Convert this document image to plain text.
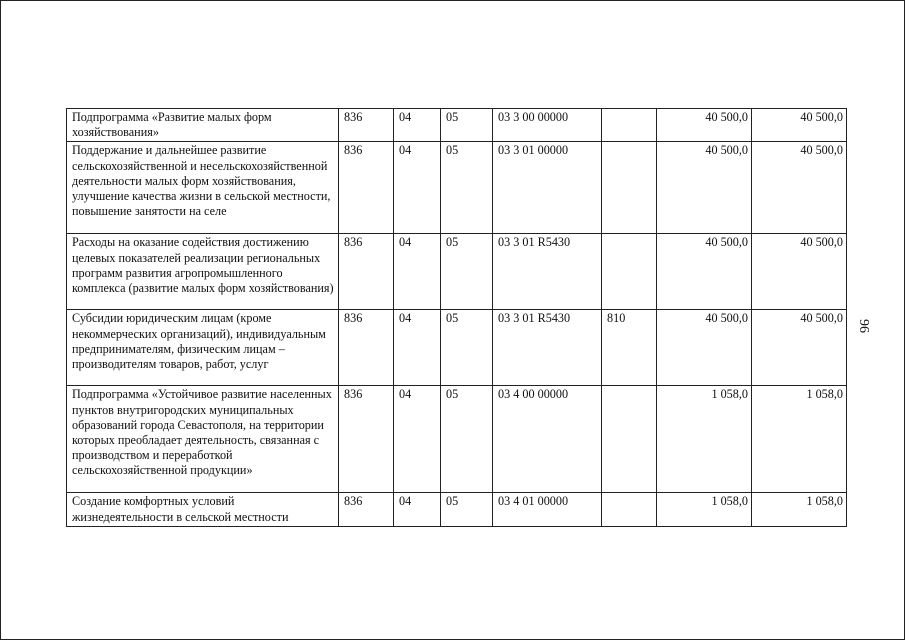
96
Подпрограмма «Развитие малых форм хозяйствования»	836	04	05	03 3 00 00000		40 500,0	40 500,0
Поддержание и дальнейшее развитие сельскохозяйственной и несельскохозяйственной деятельности малых форм хозяйствования, улучшение качества жизни в сельской местности, повышение занятости на селе	836	04	05	03 3 01 00000		40 500,0	40 500,0
Расходы на оказание содействия достижению целевых показателей реализации региональных программ развития агропромышленного комплекса (развитие малых форм хозяйствования)	836	04	05	03 3 01 R5430		40 500,0	40 500,0
Субсидии юридическим лицам (кроме некоммерческих организаций), индивидуальным предпринимателям, физическим лицам – производителям товаров, работ, услуг	836	04	05	03 3 01 R5430	810	40 500,0	40 500,0
Подпрограмма «Устойчивое развитие населенных пунктов внутригородских муниципальных образований города Севастополя, на территории которых преобладает деятельность, связанная с производством и переработкой сельскохозяйственной продукции»	836	04	05	03 4 00 00000		1 058,0	1 058,0
Создание комфортных условий жизнедеятельности в сельской местности	836	04	05	03 4 01 00000		1 058,0	1 058,0
